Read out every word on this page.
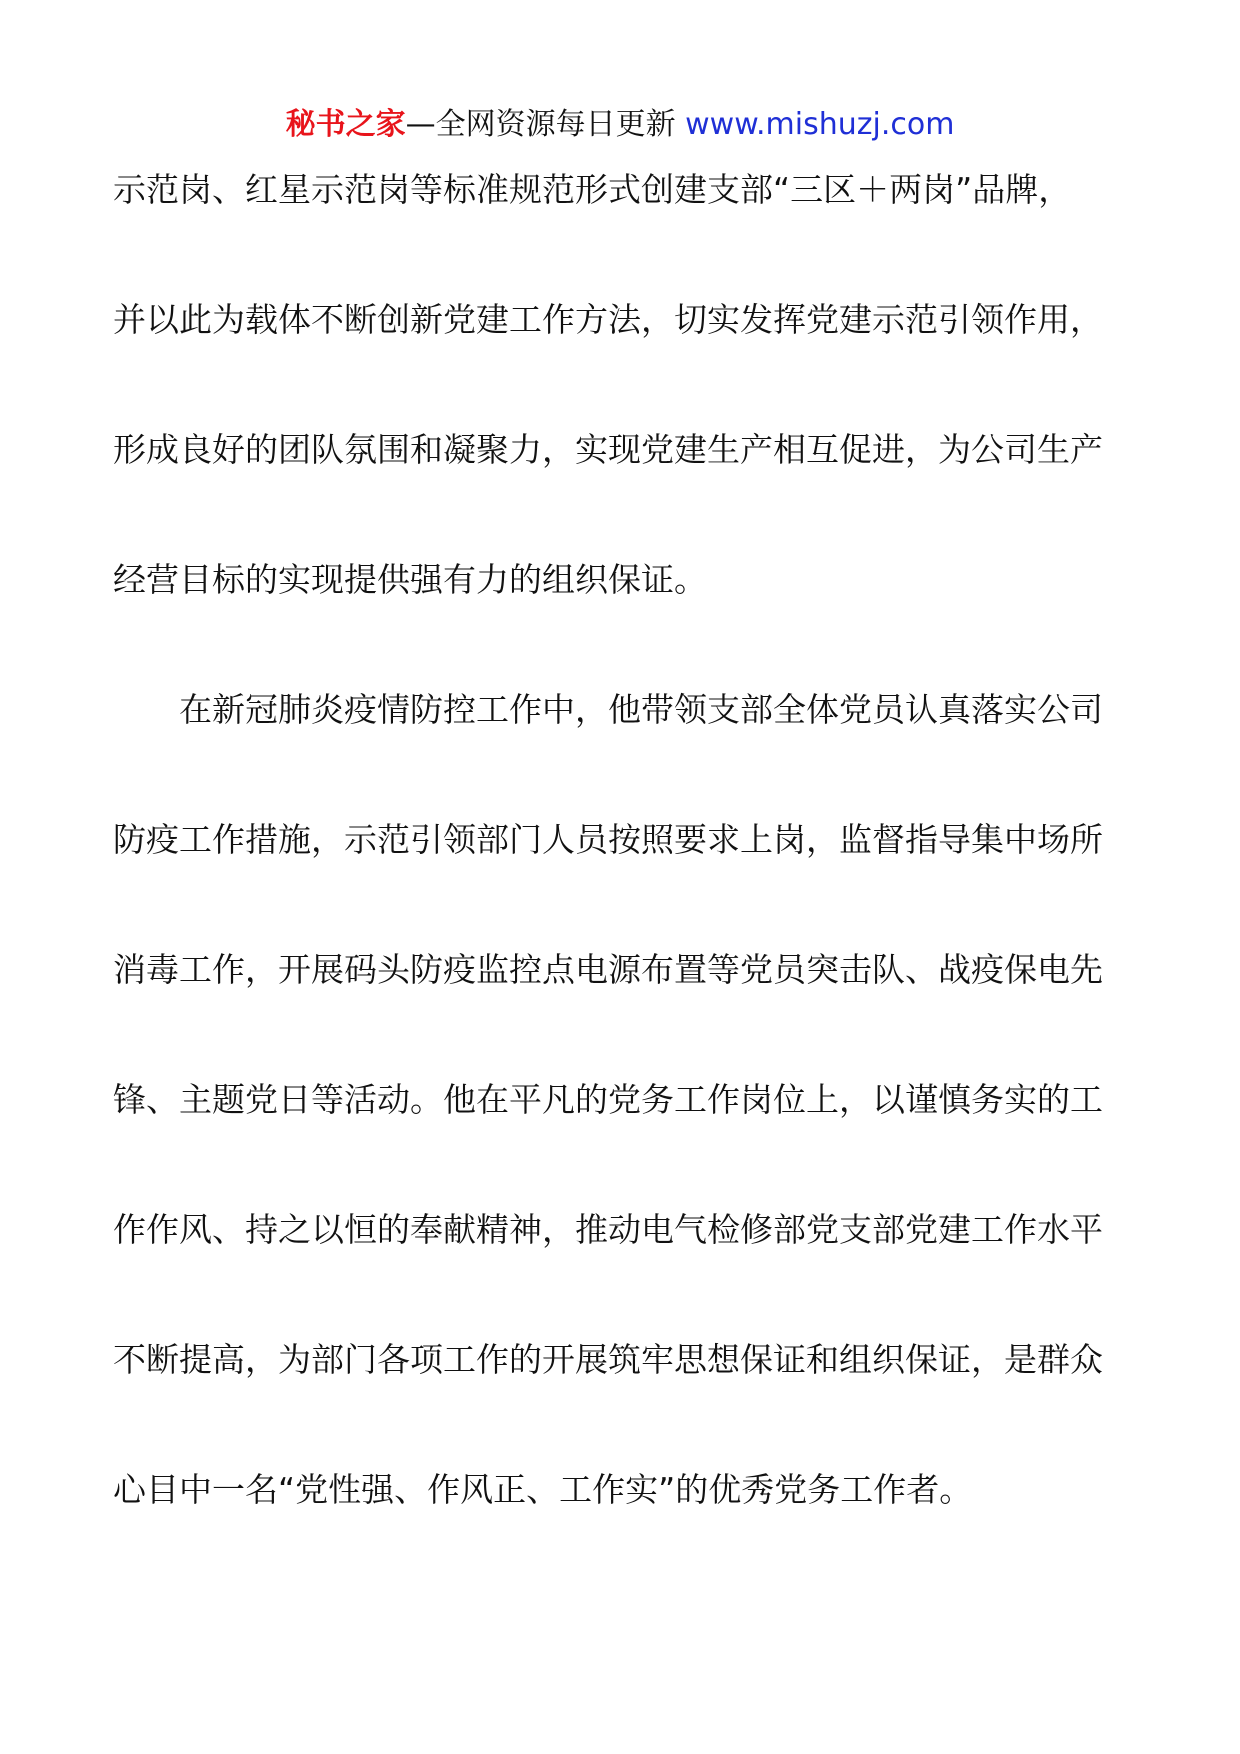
秘书之家—全网资源每日更新 www.mishuzj.com
示范岗、红星示范岗等标准规范形式创建支部“三区＋两岗”品牌，
并以此为载体不断创新党建工作方法，切实发挥党建示范引领作用，
形成良好的团队氛围和凝聚力，实现党建生产相互促进，为公司生产
经营目标的实现提供强有力的组织保证。
在新冠肺炎疫情防控工作中，他带领支部全体党员认真落实公司
防疫工作措施，示范引领部门人员按照要求上岗，监督指导集中场所
消毒工作，开展码头防疫监控点电源布置等党员突击队、战疫保电先
锋、主题党日等活动。他在平凡的党务工作岗位上，以谨慎务实的工
作作风、持之以恒的奉献精神，推动电气检修部党支部党建工作水平
不断提高，为部门各项工作的开展筑牢思想保证和组织保证，是群众
心目中一名“党性强、作风正、工作实”的优秀党务工作者。
